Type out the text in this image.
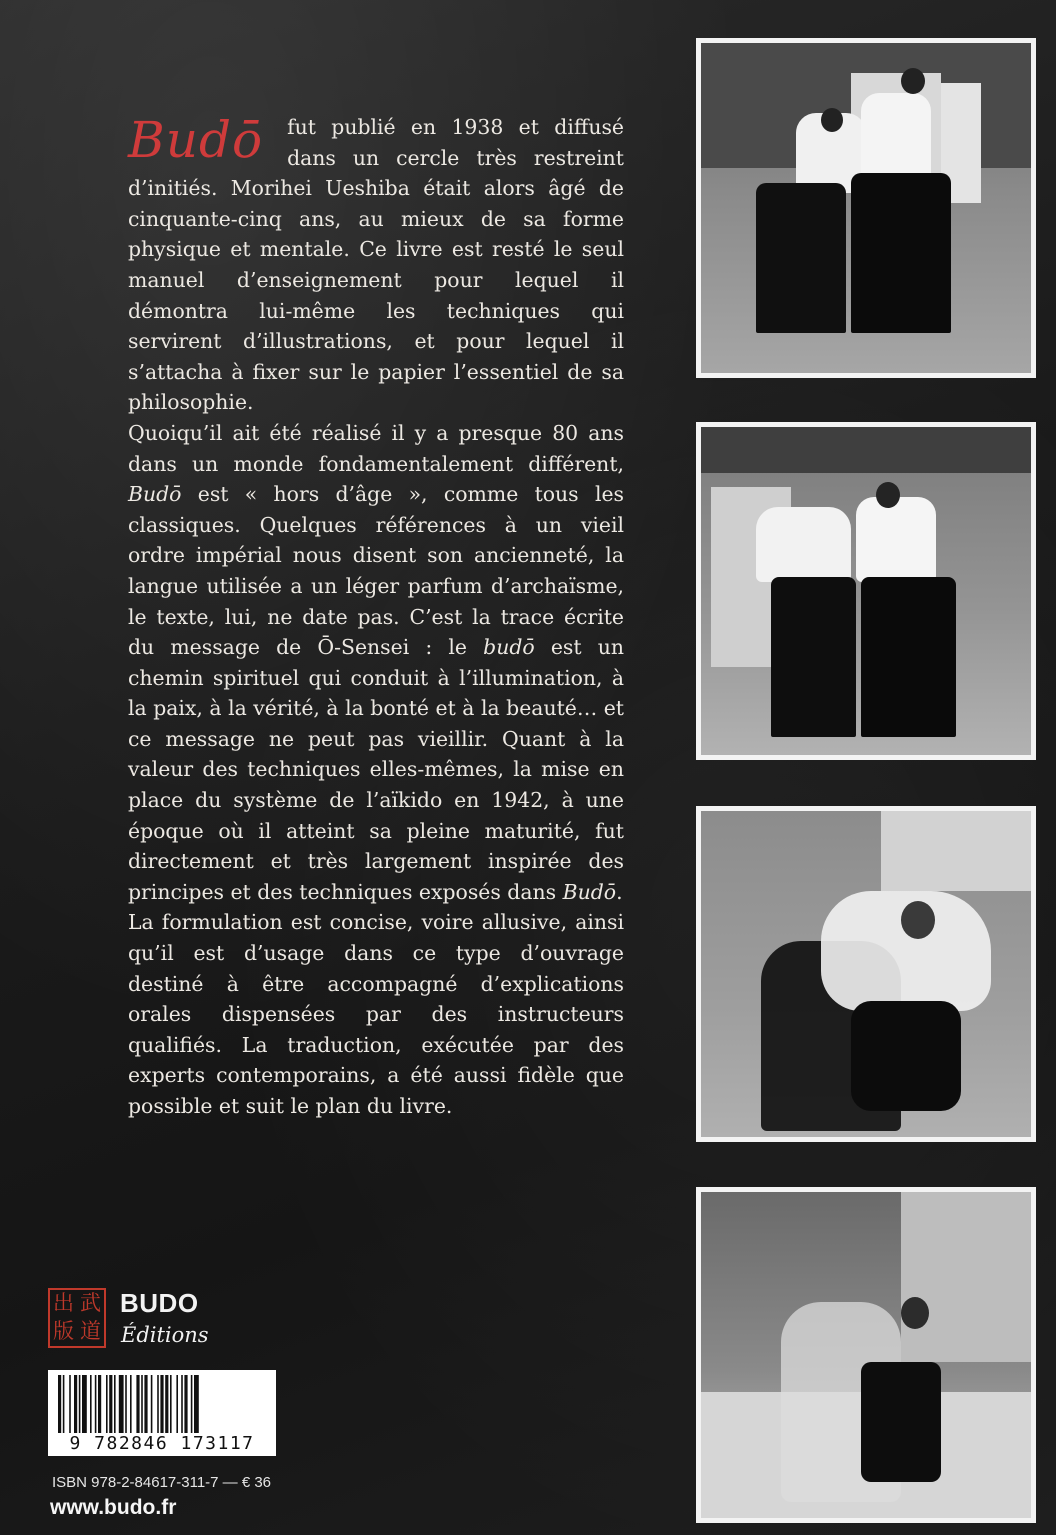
Budō	fut publié en 1938 et diffusé dans un cercle très restreint d’initiés. Morihei Ueshiba était alors âgé de cinquante-cinq ans, au mieux de sa forme physique et mentale. Ce livre est resté le seul manuel d’enseignement pour lequel il démontra lui-même les techniques qui servirent d’illustrations, et pour lequel il s’attacha à fixer sur le papier l’essentiel de sa philosophie.

Quoiqu’il ait été réalisé il y a presque 80 ans dans un monde fondamentalement différent, Budō est « hors d’âge », comme tous les classiques. Quelques références à un vieil ordre impérial nous disent son ancienneté, la langue utilisée a un léger parfum d’archaïsme, le texte, lui, ne date pas. C’est la trace écrite du message de Ō-Sensei : le budō est un chemin spirituel qui conduit à l’illumination, à la paix, à la vérité, à la bonté et à la beauté… et ce message ne peut pas vieillir. Quant à la valeur des techniques elles-mêmes, la mise en place du système de l’aïkido en 1942, à une époque où il atteint sa pleine maturité, fut directement et très largement inspirée des principes et des techniques exposés dans Budō.

La formulation est concise, voire allusive, ainsi qu’il est d’usage dans ce type d’ouvrage destiné à être accompagné d’explications orales dispensées par des instructeurs qualifiés. La traduction, exécutée par des experts contemporains, a été aussi fidèle que possible et suit le plan du livre.

出 武
版 道
BUDO
Éditions
9 782846 173117
ISBN 978-2-84617-311-7 — € 36
www.budo.fr
